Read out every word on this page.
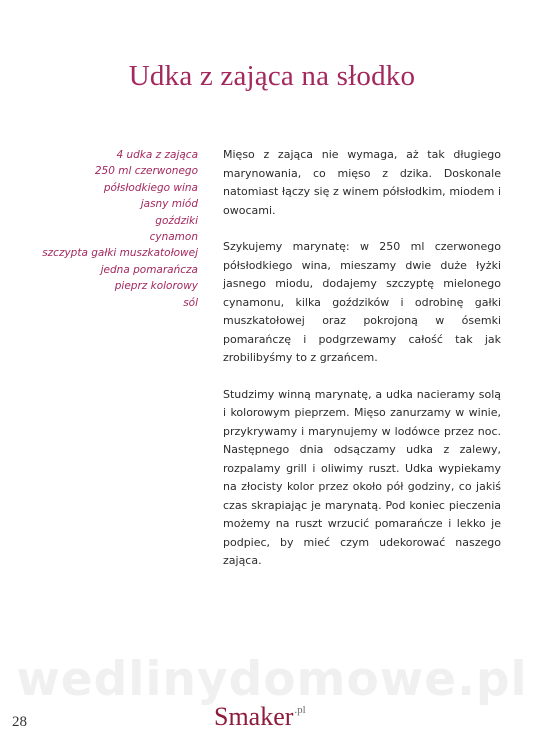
Udka z zająca na słodko
4 udka z zająca
250 ml czerwonego
półsłodkiego wina
jasny miód
goździki
cynamon
szczypta gałki muszkatołowej
jedna pomarańcza
pieprz kolorowy
sól

Mięso z zająca nie wymaga, aż tak długiego marynowania, co mięso z dzika. Doskonale natomiast łączy się z winem półsłodkim, miodem i owocami.

Szykujemy marynatę: w 250 ml czerwonego półsłodkiego wina, mieszamy dwie duże łyżki jasnego miodu, dodajemy szczyptę mielonego cynamonu, kilka goździków i odrobinę gałki muszkatołowej oraz pokrojoną w ósemki pomarańczę i podgrzewamy całość tak jak zrobilibyśmy to z grzańcem.

Studzimy winną marynatę, a udka nacieramy solą i kolorowym pieprzem. Mięso zanurzamy w winie, przykrywamy i marynujemy w lodówce przez noc. Następnego dnia odsączamy udka z zalewy, rozpalamy grill i oliwimy ruszt. Udka wypiekamy na złocisty kolor przez około pół godziny, co jakiś czas skrapiając je marynatą. Pod koniec pieczenia możemy na ruszt wrzucić pomarańcze i lekko je podpiec, by mieć czym udekorować naszego zająca.

wedlinydomowe.pl
28	Smaker$^{.pl}$
